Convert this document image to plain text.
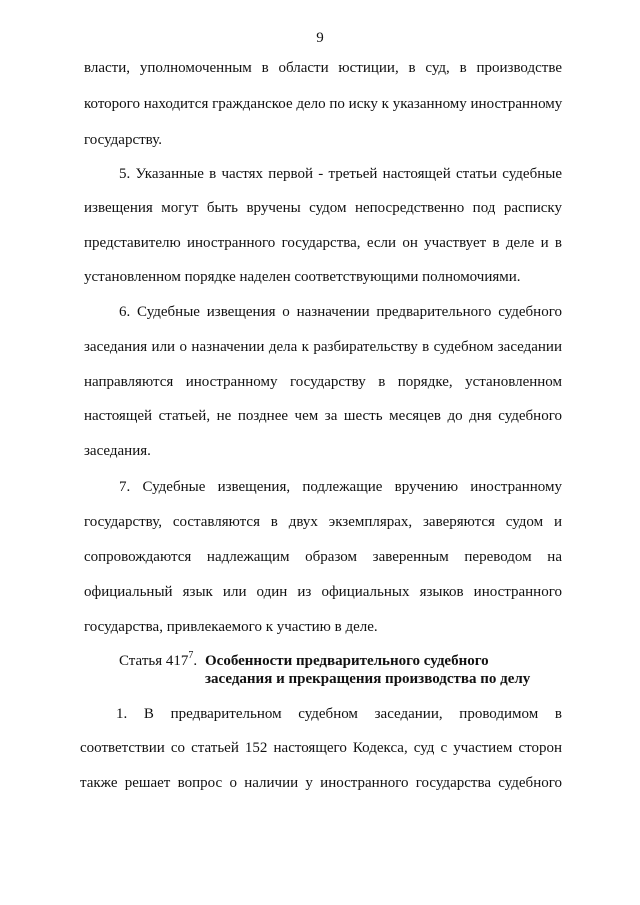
9
власти, уполномоченным в области юстиции, в суд, в производстве
которого находится гражданское дело по иску к указанному иностранному
государству.
5. Указанные в частях первой - третьей настоящей статьи судебные
извещения могут быть вручены судом непосредственно под расписку
представителю иностранного государства, если он участвует в деле и в
установленном порядке наделен соответствующими полномочиями.
6. Судебные извещения о назначении предварительного судебного
заседания или о назначении дела к разбирательству в судебном заседании
направляются иностранному государству в порядке, установленном
настоящей статьей, не позднее чем за шесть месяцев до дня судебного
заседания.
7. Судебные извещения, подлежащие вручению иностранному
государству, составляются в двух экземплярах, заверяются судом и
сопровождаются надлежащим образом заверенным переводом на
официальный язык или один из официальных языков иностранного
государства, привлекаемого к участию в деле.
Статья $417^7$. Особенности предварительного судебного
заседания и прекращения производства по делу
1. В предварительном судебном заседании, проводимом в
соответствии со статьей 152 настоящего Кодекса, суд с участием сторон
также решает вопрос о наличии у иностранного государства судебного
